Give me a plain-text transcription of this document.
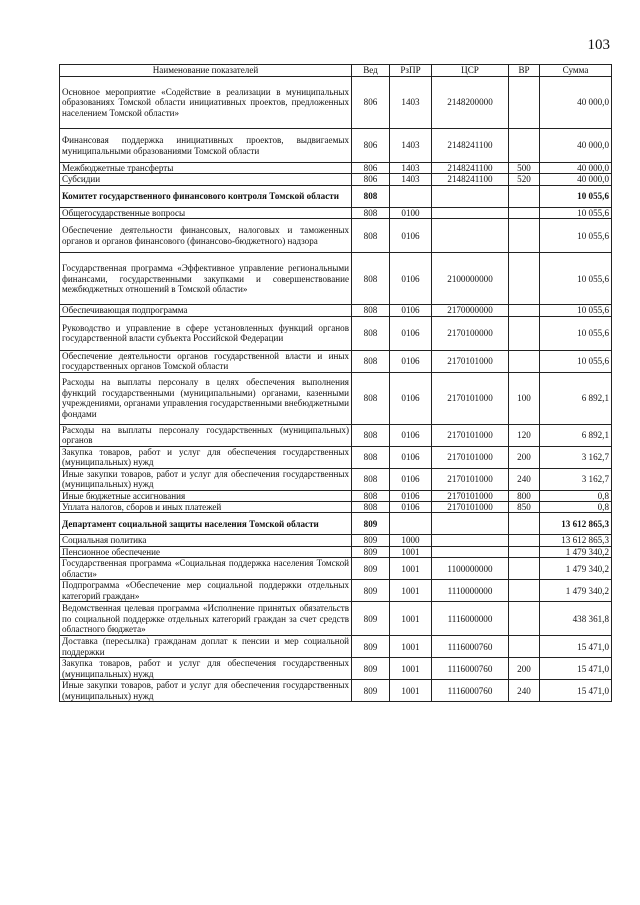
103
Наименование показателей	Вед	РзПР	ЦСР	ВР	Сумма
Основное мероприятие «Содействие в реализации в муниципальных образованиях Томской области инициативных проектов, предложенных населением Томской области»	806	1403	2148200000		40 000,0
Финансовая поддержка инициативных проектов, выдвигаемых муниципальными образованиями Томской области	806	1403	2148241100		40 000,0
Межбюджетные трансферты	806	1403	2148241100	500	40 000,0
Субсидии	806	1403	2148241100	520	40 000,0
Комитет государственного финансового контроля Томской области	808				10 055,6
Общегосударственные вопросы	808	0100			10 055,6
Обеспечение деятельности финансовых, налоговых и таможенных органов и органов финансового (финансово-бюджетного) надзора	808	0106			10 055,6
Государственная программа «Эффективное управление региональными финансами, государственными закупками и совершенствование межбюджетных отношений в Томской области»	808	0106	2100000000		10 055,6
Обеспечивающая подпрограмма	808	0106	2170000000		10 055,6
Руководство и управление в сфере установленных функций органов государственной власти субъекта Российской Федерации	808	0106	2170100000		10 055,6
Обеспечение деятельности органов государственной власти и иных государственных органов Томской области	808	0106	2170101000		10 055,6
Расходы на выплаты персоналу в целях обеспечения выполнения функций государственными (муниципальными) органами, казенными учреждениями, органами управления государственными внебюджетными фондами	808	0106	2170101000	100	6 892,1
Расходы на выплаты персоналу государственных (муниципальных) органов	808	0106	2170101000	120	6 892,1
Закупка товаров, работ и услуг для обеспечения государственных (муниципальных) нужд	808	0106	2170101000	200	3 162,7
Иные закупки товаров, работ и услуг для обеспечения государственных (муниципальных) нужд	808	0106	2170101000	240	3 162,7
Иные бюджетные ассигнования	808	0106	2170101000	800	0,8
Уплата налогов, сборов и иных платежей	808	0106	2170101000	850	0,8
Департамент социальной защиты населения Томской области	809				13 612 865,3
Социальная политика	809	1000			13 612 865,3
Пенсионное обеспечение	809	1001			1 479 340,2
Государственная программа «Социальная поддержка населения Томской области»	809	1001	1100000000		1 479 340,2
Подпрограмма «Обеспечение мер социальной поддержки отдельных категорий граждан»	809	1001	1110000000		1 479 340,2
Ведомственная целевая программа «Исполнение принятых обязательств по социальной поддержке отдельных категорий граждан за счет средств областного бюджета»	809	1001	1116000000		438 361,8
Доставка (пересылка) гражданам доплат к пенсии и мер социальной поддержки	809	1001	1116000760		15 471,0
Закупка товаров, работ и услуг для обеспечения государственных (муниципальных) нужд	809	1001	1116000760	200	15 471,0
Иные закупки товаров, работ и услуг для обеспечения государственных (муниципальных) нужд	809	1001	1116000760	240	15 471,0
